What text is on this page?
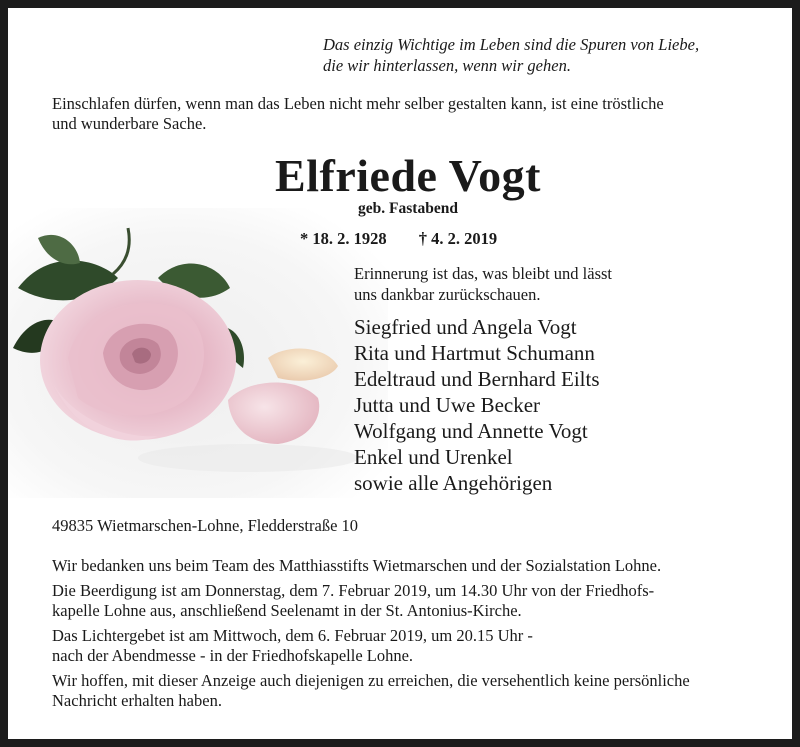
Das einzig Wichtige im Leben sind die Spuren von Liebe,
die wir hinterlassen, wenn wir gehen.
Einschlafen dürfen, wenn man das Leben nicht mehr selber gestalten kann, ist eine tröstliche
und wunderbare Sache.
Elfriede Vogt
geb. Fastabend
* 18. 2. 1928 † 4. 2. 2019
Erinnerung ist das, was bleibt und lässt
uns dankbar zurückschauen.
Siegfried und Angela Vogt
Rita und Hartmut Schumann
Edeltraud und Bernhard Eilts
Jutta und Uwe Becker
Wolfgang und Annette Vogt
Enkel und Urenkel
sowie alle Angehörigen
49835 Wietmarschen-Lohne, Fledderstraße 10

Wir bedanken uns beim Team des Matthiasstifts Wietmarschen und der Sozialstation Lohne.

Die Beerdigung ist am Donnerstag, dem 7. Februar 2019, um 14.30 Uhr von der Friedhofs-
kapelle Lohne aus, anschließend Seelenamt in der St. Antonius-Kirche.

Das Lichtergebet ist am Mittwoch, dem 6. Februar 2019, um 20.15 Uhr -
nach der Abendmesse - in der Friedhofskapelle Lohne.

Wir hoffen, mit dieser Anzeige auch diejenigen zu erreichen, die versehentlich keine persönliche
Nachricht erhalten haben.
